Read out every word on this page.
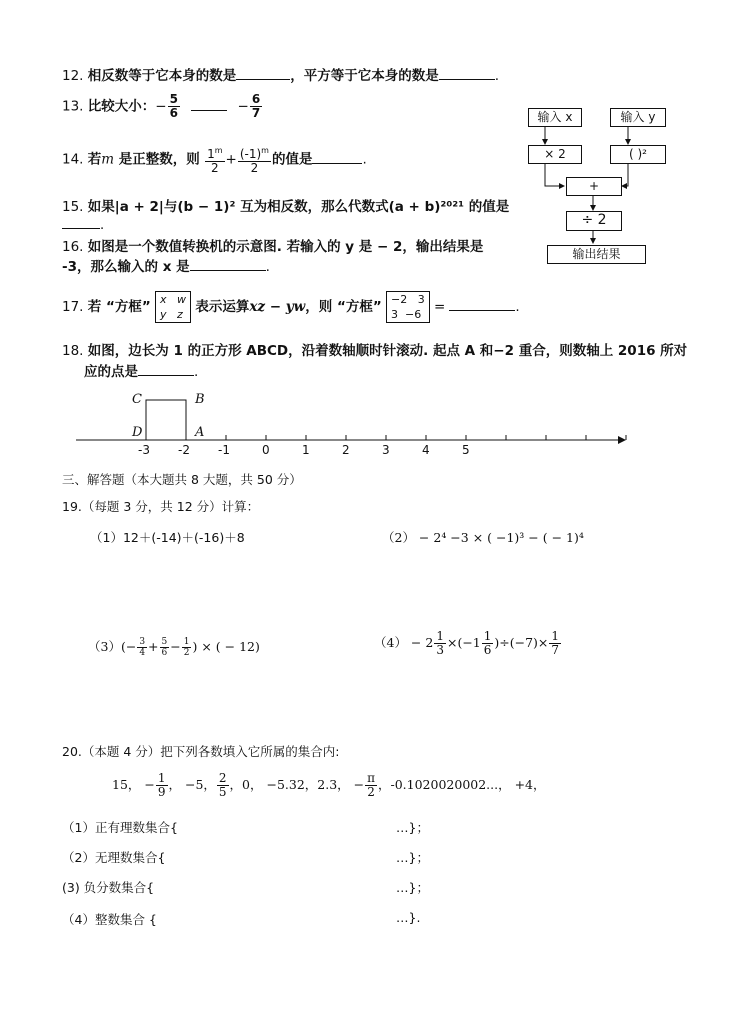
12. 相反数等于它本身的数是	，平方等于它本身的数是	.
13. 比较大小：− $\frac{5}{6}$	− $\frac{6}{7}$
14. 若m 是正整数，则 $\frac{1^m}{2} + \frac{(-1)^m}{2}$ 的值是	.
15. 如果|a + 2|与(b − 1)² 互为相反数，那么代数式(a + b)²⁰²¹ 的值是
.
16. 如图是一个数值转换机的示意图. 若输入的 y 是 − 2，输出结果是
-3，那么输入的 x 是	.
输入 x	输入 y
× 2	( )²
+
÷ 2
输出结果
17. 若 “方框” x w
y z 表示运算xz − yw，则 “方框” −2 3
3 −6 =	.
18. 如图，边长为 1 的正方形 ABCD，沿着数轴顺时针滚动. 起点 A 和−2 重合，则数轴上 2016 所对
应的点是	.
C	B
D	A
-3 -2 -1	0	1	2	3	4	5
三、解答题（本大题共 8 大题，共 50 分）
19.（每题 3 分，共 12 分）计算：
（1）12＋(-14)＋(-16)＋8	（2） − 2⁴ −3 × ( −1)³ − ( − 1)⁴
$(3)(- \frac{3}{4} + \frac{5}{6} - \frac{1}{2}$ ) × ( − 12)	$(4) - 2 \frac{1}{3} \times(-1 \frac{1}{6} )\div(-7)\times \frac{1}{7}$
20.（本题 4 分）把下列各数填入它所属的集合内:
15， − $\frac{1}{9}$ ， −5， $\frac{2}{5}$ ，0， −5.32，2.3， − $\frac{\pi}{2}$ ，-0.1020020002...， +4，
（1）正有理数集合{	…}；
（2）无理数集合{	…}；
(3) 负分数集合{	…}；
（4）整数集合 {	…}.
